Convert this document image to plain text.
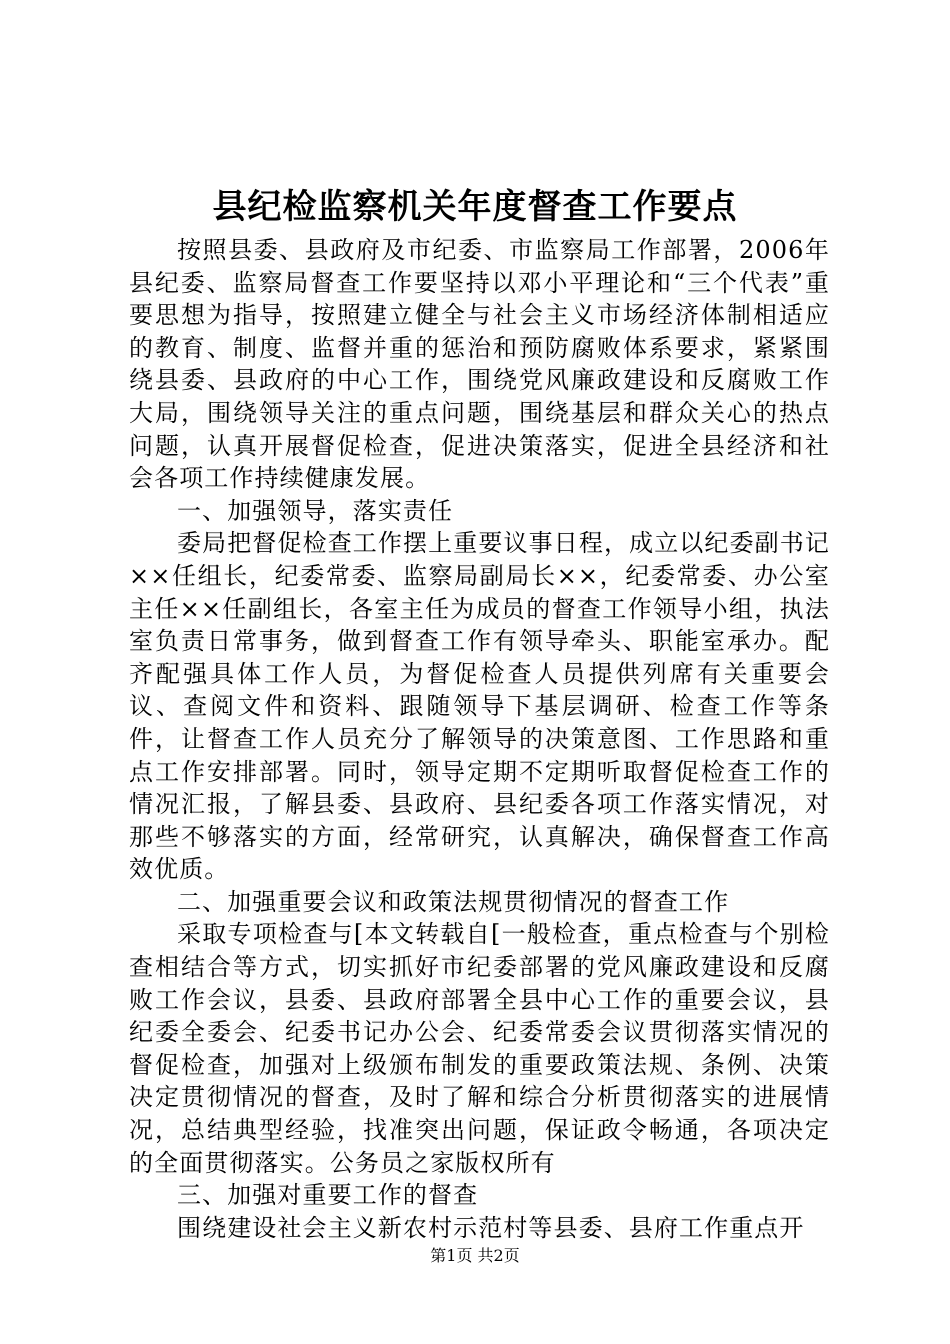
县纪检监察机关年度督查工作要点

按照县委、县政府及市纪委、市监察局工作部署，2006年县纪委、监察局督查工作要坚持以邓小平理论和“三个代表”重要思想为指导，按照建立健全与社会主义市场经济体制相适应的教育、制度、监督并重的惩治和预防腐败体系要求，紧紧围绕县委、县政府的中心工作，围绕党风廉政建设和反腐败工作大局，围绕领导关注的重点问题，围绕基层和群众关心的热点问题，认真开展督促检查，促进决策落实，促进全县经济和社会各项工作持续健康发展。

一、加强领导，落实责任

委局把督促检查工作摆上重要议事日程，成立以纪委副书记××任组长，纪委常委、监察局副局长××，纪委常委、办公室主任××任副组长，各室主任为成员的督查工作领导小组，执法室负责日常事务，做到督查工作有领导牵头、职能室承办。配齐配强具体工作人员，为督促检查人员提供列席有关重要会议、查阅文件和资料、跟随领导下基层调研、检查工作等条件，让督查工作人员充分了解领导的决策意图、工作思路和重点工作安排部署。同时，领导定期不定期听取督促检查工作的情况汇报，了解县委、县政府、县纪委各项工作落实情况，对那些不够落实的方面，经常研究，认真解决，确保督查工作高效优质。

二、加强重要会议和政策法规贯彻情况的督查工作

采取专项检查与[本文转载自[一般检查，重点检查与个别检查相结合等方式，切实抓好市纪委部署的党风廉政建设和反腐败工作会议，县委、县政府部署全县中心工作的重要会议，县纪委全委会、纪委书记办公会、纪委常委会议贯彻落实情况的督促检查，加强对上级颁布制发的重要政策法规、条例、决策决定贯彻情况的督查，及时了解和综合分析贯彻落实的进展情况，总结典型经验，找准突出问题，保证政令畅通，各项决定的全面贯彻落实。公务员之家版权所有

三、加强对重要工作的督查

围绕建设社会主义新农村示范村等县委、县府工作重点开

第1页 共2页
